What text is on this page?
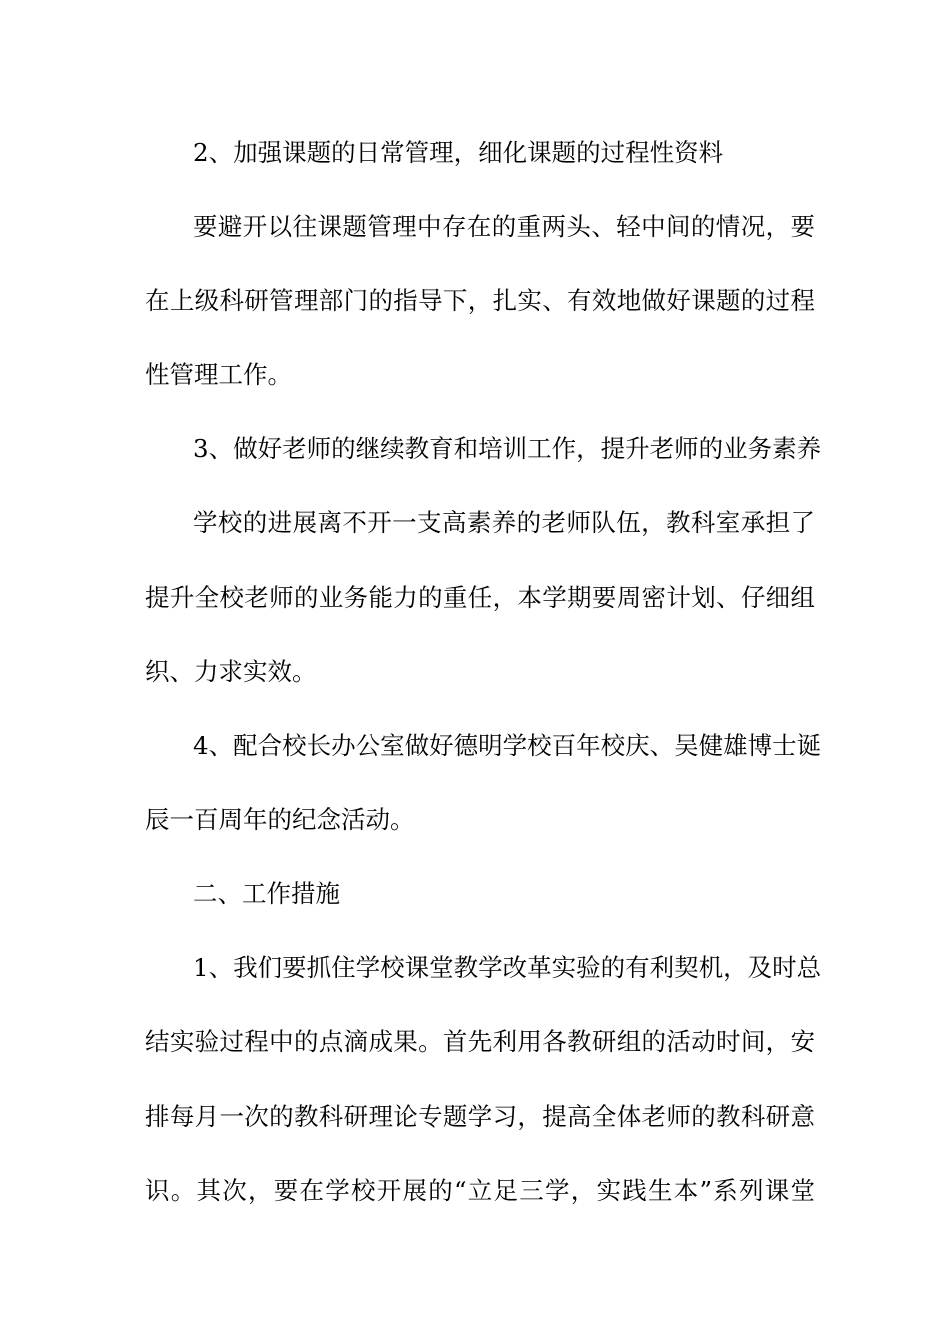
2、加强课题的日常管理，细化课题的过程性资料
要避开以往课题管理中存在的重两头、轻中间的情况，要
在上级科研管理部门的指导下，扎实、有效地做好课题的过程
性管理工作。
3、做好老师的继续教育和培训工作，提升老师的业务素养
学校的进展离不开一支高素养的老师队伍，教科室承担了
提升全校老师的业务能力的重任，本学期要周密计划、仔细组
织、力求实效。
4、配合校长办公室做好德明学校百年校庆、吴健雄博士诞
辰一百周年的纪念活动。
二、工作措施
1、我们要抓住学校课堂教学改革实验的有利契机，及时总
结实验过程中的点滴成果。首先利用各教研组的活动时间，安
排每月一次的教科研理论专题学习，提高全体老师的教科研意
识。其次，要在学校开展的“立足三学，实践生本”系列课堂
